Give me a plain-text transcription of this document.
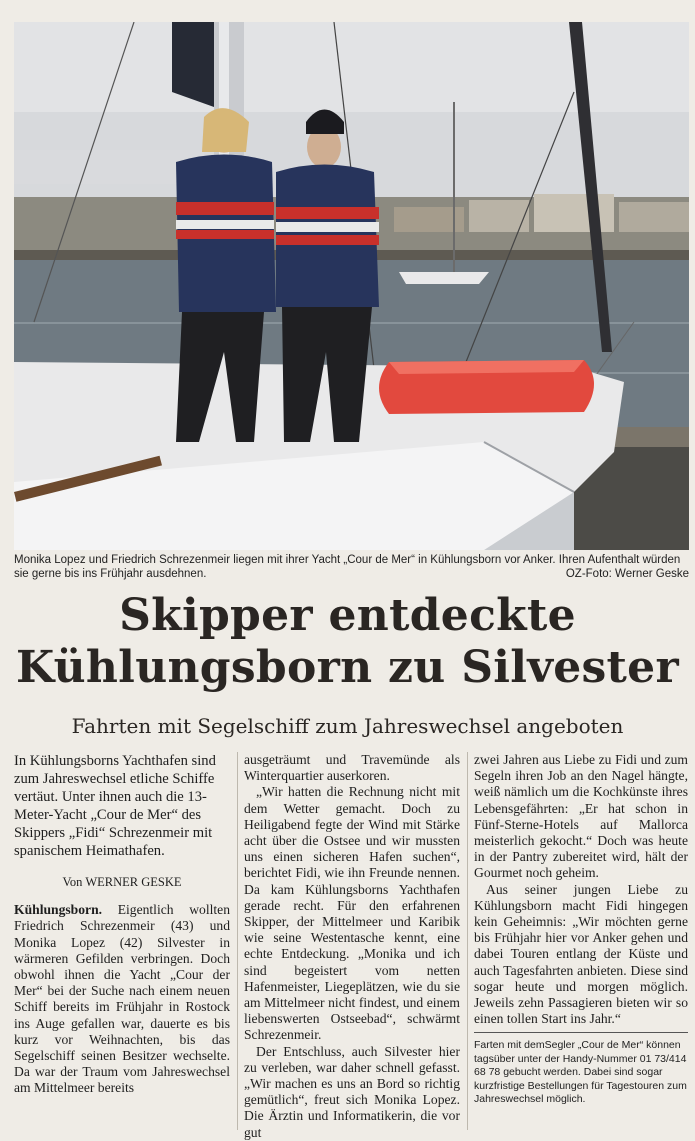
Monika Lopez und Friedrich Schrezenmeir liegen mit ihrer Yacht „Cour de Mer“ in Kühlungsborn vor Anker. Ihren Aufenthalt würden sie gerne bis ins Frühjahr ausdehnen.	OZ-Foto: Werner Geske
Skipper entdeckte
Kühlungsborn zu Silvester
Fahrten mit Segelschiff zum Jahreswechsel angeboten

In Kühlungsborns Yachthafen sind zum Jahreswechsel etliche Schiffe vertäut. Unter ihnen auch die 13-Meter-Yacht „Cour de Mer“ des Skippers „Fidi“ Schrezenmeir mit spanischem Heimathafen.

Von WERNER GESKE

Kühlungsborn. Eigentlich wollten Friedrich Schrezenmeir (43) und Monika Lopez (42) Silvester in wärmeren Gefilden verbringen. Doch obwohl ihnen die Yacht „Cour der Mer“ bei der Suche nach einem neuen Schiff bereits im Frühjahr in Rostock ins Auge gefallen war, dauerte es bis kurz vor Weihnachten, bis das Segelschiff seinen Besitzer wechselte. Da war der Traum vom Jahreswechsel am Mittelmeer bereits

ausgeträumt und Travemünde als Winterquartier auserkoren.

„Wir hatten die Rechnung nicht mit dem Wetter gemacht. Doch zu Heiligabend fegte der Wind mit Stärke acht über die Ostsee und wir mussten uns einen sicheren Hafen suchen“, berichtet Fidi, wie ihn Freunde nennen. Da kam Kühlungsborns Yachthafen gerade recht. Für den erfahrenen Skipper, der Mittelmeer und Karibik wie seine Westentasche kennt, eine echte Entdeckung. „Monika und ich sind begeistert vom netten Hafenmeister, Liegeplätzen, wie du sie am Mittelmeer nicht findest, und einem liebenswerten Ostseebad“, schwärmt Schrezenmeir.

Der Entschluss, auch Silvester hier zu verleben, war daher schnell gefasst. „Wir machen es uns an Bord so richtig gemütlich“, freut sich Monika Lopez. Die Ärztin und Informatikerin, die vor gut

zwei Jahren aus Liebe zu Fidi und zum Segeln ihren Job an den Nagel hängte, weiß nämlich um die Kochkünste ihres Lebensgefährten: „Er hat schon in Fünf-Sterne-Hotels auf Mallorca meisterlich gekocht.“ Doch was heute in der Pantry zubereitet wird, hält der Gourmet noch geheim.

Aus seiner jungen Liebe zu Kühlungsborn macht Fidi hingegen kein Geheimnis: „Wir möchten gerne bis Frühjahr hier vor Anker gehen und dabei Touren entlang der Küste und auch Tagesfahrten anbieten. Diese sind sogar heute und morgen möglich. Jeweils zehn Passagieren bieten wir so einen tollen Start ins Jahr.“

Farten mit demSegler „Cour de Mer“ können tagsüber unter der Handy-Nummer 01 73/414 68 78 gebucht werden. Dabei sind sogar kurzfristige Bestellungen für Tagestouren zum Jahreswechsel möglich.
